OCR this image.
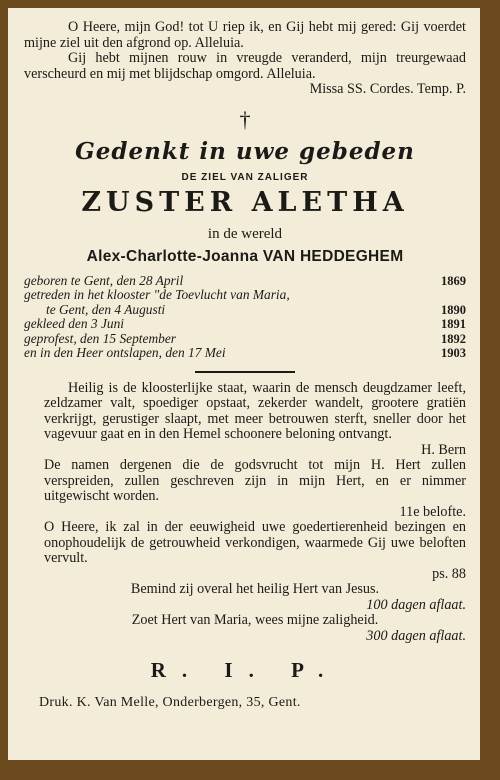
O Heere, mijn God! tot U riep ik, en Gij hebt mij gered: Gij voerdet mijne ziel uit den afgrond op. Alleluia.

Gij hebt mijnen rouw in vreugde veranderd, mijn treurgewaad verscheurd en mij met blijdschap omgord. Alleluia.

Missa SS. Cordes. Temp. P.
†
Gedenkt in uwe gebeden
DE ZIEL VAN ZALIGER
ZUSTER ALETHA
in de wereld
Alex-Charlotte-Joanna VAN HEDDEGHEM
geboren te Gent, den 28 April	1869
getreden in het klooster "de Toevlucht van Maria,
te Gent, den 4 Augusti	1890
gekleed den 3 Juni	1891
geprofest, den 15 September	1892
en in den Heer ontslapen, den 17 Mei	1903

Heilig is de kloosterlijke staat, waarin de mensch deugdzamer leeft, zeldzamer valt, spoediger opstaat, zekerder wandelt, grootere gratiën verkrijgt, gerustiger slaapt, met meer betrouwen sterft, sneller door het vagevuur gaat en in den Hemel schoonere beloning ontvangt.

H. Bern

De namen dergenen die de godsvrucht tot mijn H. Hert zullen verspreiden, zullen geschreven zijn in mijn Hert, en er nimmer uitgewischt worden.

11e belofte.

O Heere, ik zal in der eeuwigheid uwe goedertierenheid bezingen en onophoudelijk de getrouwheid verkondigen, waarmede Gij uwe beloften vervult.

ps. 88

Bemind zij overal het heilig Hert van Jesus.

100 dagen aflaat.

Zoet Hert van Maria, wees mijne zaligheid.

300 dagen aflaat.

R. I. P.
Druk. K. Van Melle, Onderbergen, 35, Gent.
